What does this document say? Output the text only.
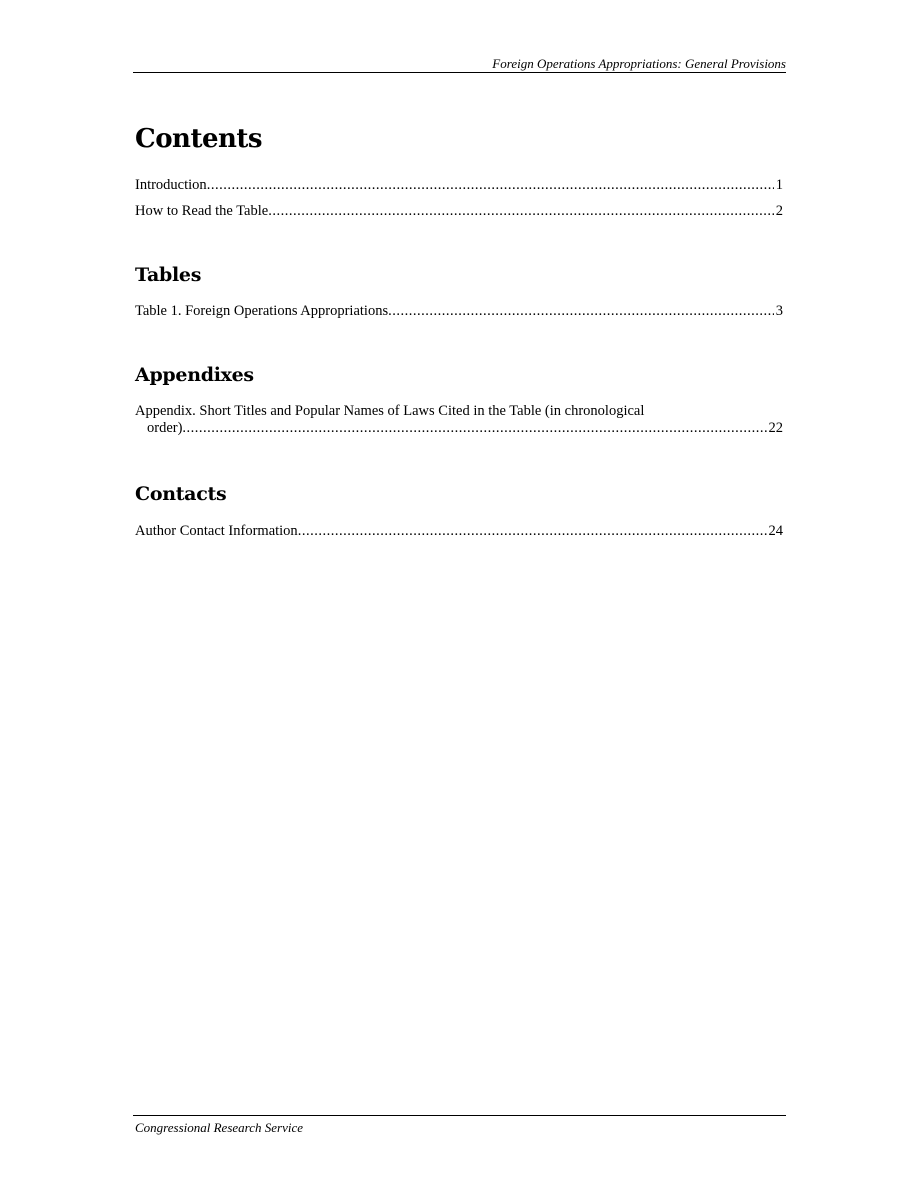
Foreign Operations Appropriations: General Provisions
Contents
Introduction .....	1
How to Read the Table .....	2
Tables
Table 1. Foreign Operations Appropriations .....	3
Appendixes
Appendix. Short Titles and Popular Names of Laws Cited in the Table (in chronological
order) .....	22
Contacts
Author Contact Information .....	24
Congressional Research Service
